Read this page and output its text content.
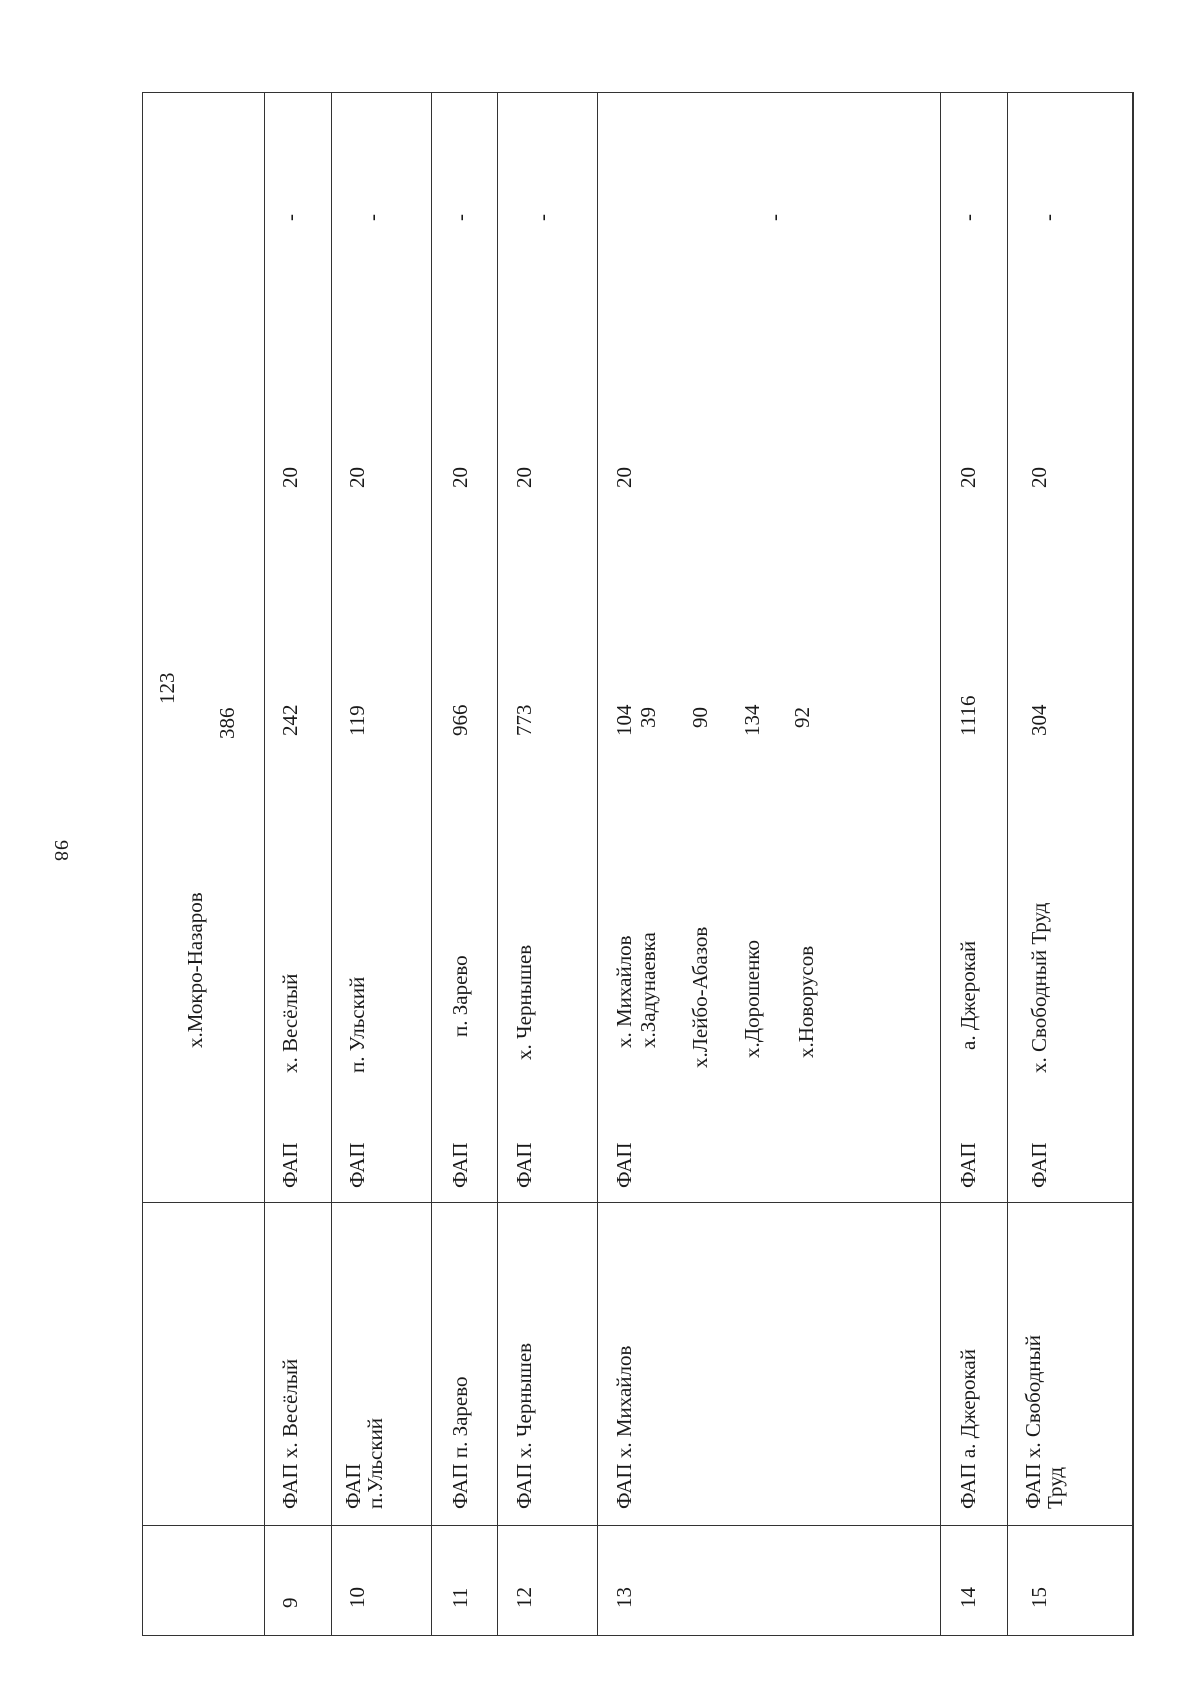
98
х.Мокро-Назаров
123
386
9
ФАП х. Весёлый
ФАП
х. Весёлый
242
20
-
10
ФАП
п.Ульский
ФАП
п. Ульский
119
20
-
11
ФАП п. Зарево
ФАП
п. Зарево
966
20
-
12
ФАП х. Чернышев
ФАП
х. Чернышев
773
20
-
13
ФАП х. Михайлов
ФАП
х. Михайлов х.Задунаевка х.Лейбо-Абазов х.Дорошенко х.Новорусов
104 39 90 134 92
20
-
14
ФАП а. Джерокай
ФАП
а. Джерокай
1116
20
-
15
ФАП х. Свободный Труд
ФАП
х. Свободный Труд
304
20
-
